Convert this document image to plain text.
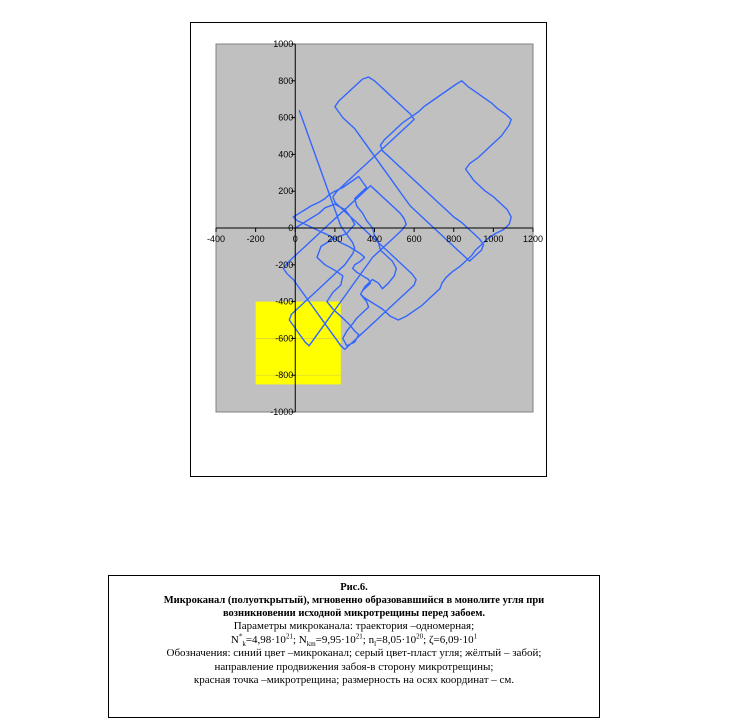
-400 -200	0	200	400	600	800 1000 1200
-1000
-800
-600
-400
-200
0
200
400
600
800
1000
Рис.6.
Микроканал (полуоткрытый), мгновенно образовавшийся в монолите угля при
возникновении исходной микротрещины перед забоем.
Параметры микроканала: траектория –одномерная;
$N^*_k=4,98\cdot 10^{21}$; $N_{km}=9,95\cdot 10^{21}$; $n_l=8,05\cdot 10^{20}$; $\zeta=6,09\cdot 10^1$
Обозначения: синий цвет –микроканал; серый цвет-пласт угля; жёлтый – забой;
направление продвижения забоя-в сторону микротрещины;
красная точка –микротрещина; размерность на осях координат – см.
